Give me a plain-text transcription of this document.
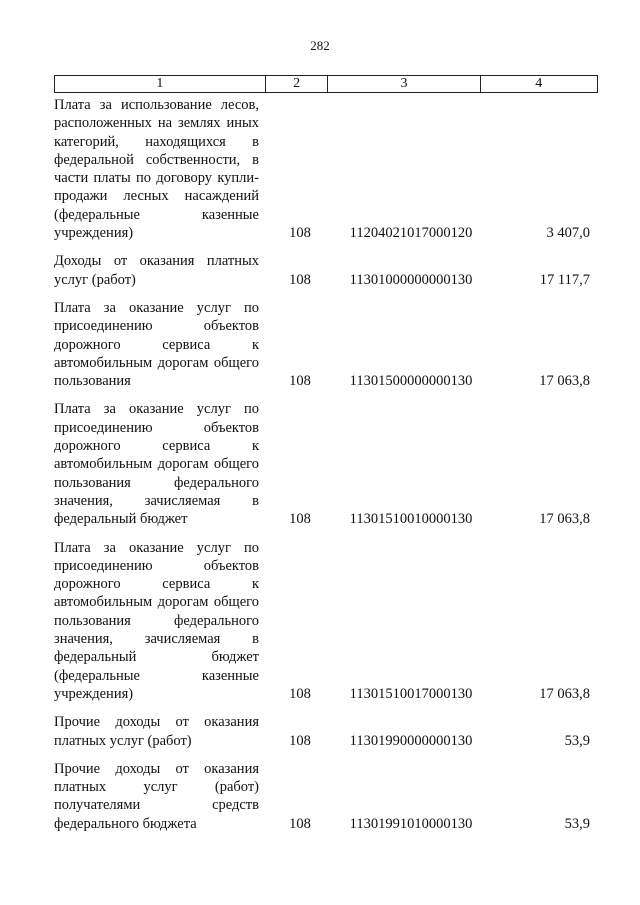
282
1	2	3	4
Плата за использование лесов, расположенных на землях иных категорий, находящихся в федеральной собственности, в части платы по договору купли-продажи лесных насаждений (федеральные казенные учреждения)	108	11204021017000120	3 407,0
Доходы от оказания платных услуг (работ)	108	11301000000000130	17 117,7
Плата за оказание услуг по присоединению объектов дорожного сервиса к автомобильным дорогам общего пользования	108	11301500000000130	17 063,8
Плата за оказание услуг по присоединению объектов дорожного сервиса к автомобильным дорогам общего пользования федерального значения, зачисляемая в федеральный бюджет	108	11301510010000130	17 063,8
Плата за оказание услуг по присоединению объектов дорожного сервиса к автомобильным дорогам общего пользования федерального значения, зачисляемая в федеральный бюджет (федеральные казенные учреждения)	108	11301510017000130	17 063,8
Прочие доходы от оказания платных услуг (работ)	108	11301990000000130	53,9
Прочие доходы от оказания платных услуг (работ) получателями средств федерального бюджета	108	11301991010000130	53,9
